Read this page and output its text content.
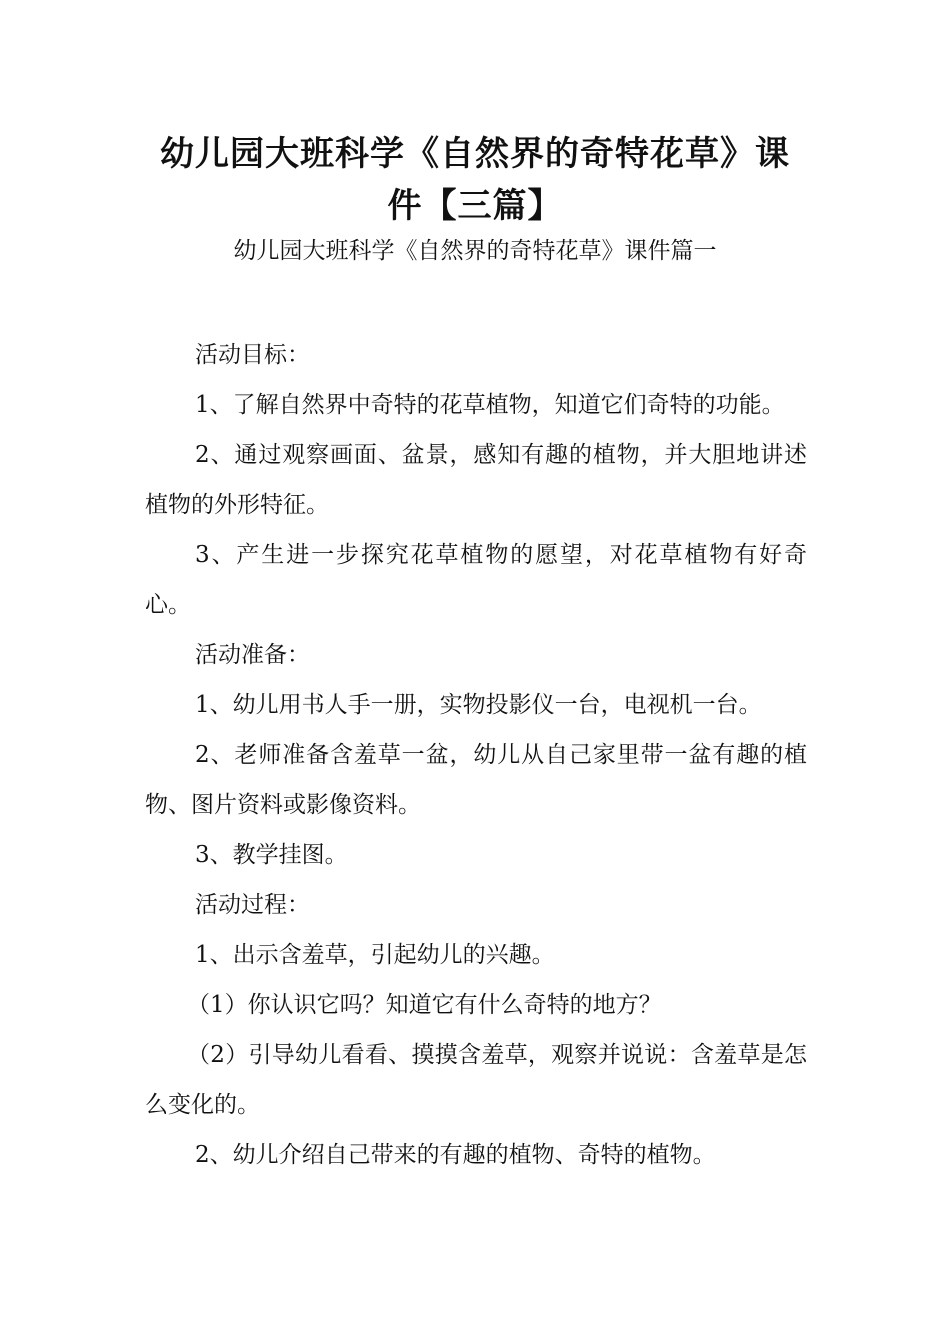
幼儿园大班科学《自然界的奇特花草》课
件【三篇】
幼儿园大班科学《自然界的奇特花草》课件篇一

活动目标：

1、了解自然界中奇特的花草植物，知道它们奇特的功能。

2、通过观察画面、盆景，感知有趣的植物，并大胆地讲述植物的外形特征。

3、产生进一步探究花草植物的愿望，对花草植物有好奇心。

活动准备：

1、幼儿用书人手一册，实物投影仪一台，电视机一台。

2、老师准备含羞草一盆，幼儿从自己家里带一盆有趣的植物、图片资料或影像资料。

3、教学挂图。

活动过程：

1、出示含羞草，引起幼儿的兴趣。

（1）你认识它吗？知道它有什么奇特的地方？

（2）引导幼儿看看、摸摸含羞草，观察并说说：含羞草是怎么变化的。

2、幼儿介绍自己带来的有趣的植物、奇特的植物。
